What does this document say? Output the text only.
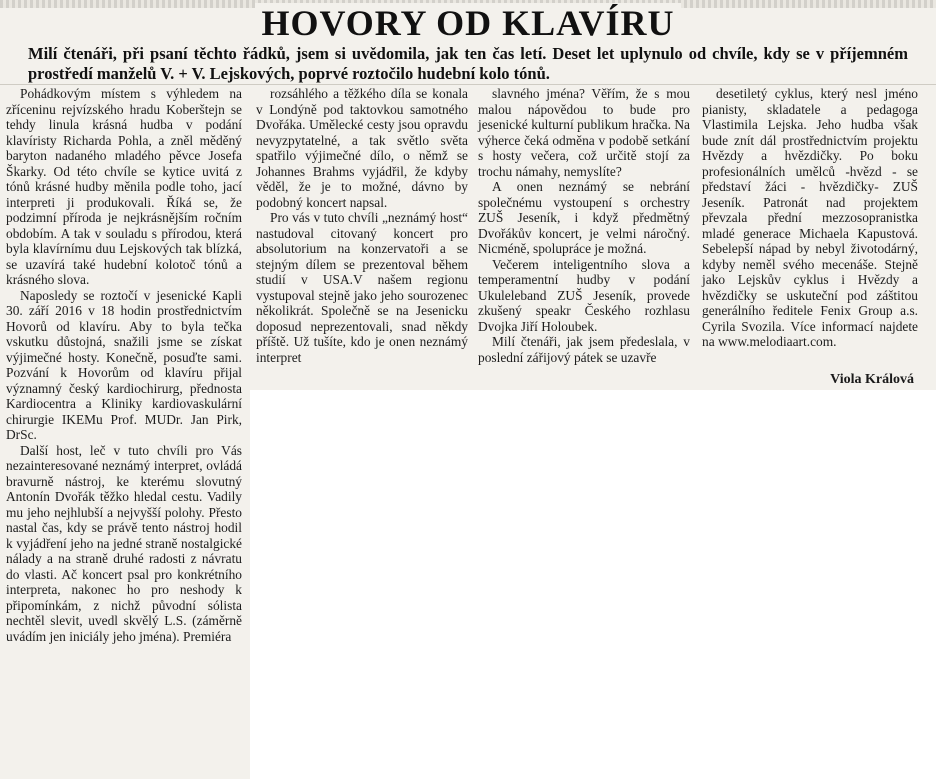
HOVORY OD KLAVÍRU
Milí čtenáři, při psaní těchto řádků, jsem si uvědomila, jak ten čas letí. Deset let uplynulo od chvíle, kdy se v příjemném prostředí manželů V. + V. Lejskových, poprvé roztočilo hudební kolo tónů.

Pohádkovým místem s výhledem na zříceninu rejvízského hradu Koberštejn se tehdy linula krásná hudba v podání klavíristy Richarda Pohla, a zněl měděný baryton nadaného mladého pěvce Josefa Škarky. Od této chvíle se kytice uvitá z tónů krásné hudby měnila podle toho, jací interpreti ji produkovali. Říká se, že podzimní příroda je nejkrásnějším ročním obdobím. A tak v souladu s přírodou, která byla klavírnímu duu Lejskových tak blízká, se uzavírá také hudební kolotoč tónů a krásného slova.

Naposledy se roztočí v jesenické Kapli 30. září 2016 v 18 hodin prostřednictvím Hovorů od klavíru. Aby to byla tečka vskutku důstojná, snažili jsme se získat výjimečné hosty. Konečně, posuďte sami. Pozvání k Hovorům od klavíru přijal významný český kardiochirurg, přednosta Kardiocentra a Kliniky kardiovaskulární chirurgie IKEMu Prof. MUDr. Jan Pirk, DrSc.

Další host, leč v tuto chvíli pro Vás nezainteresované neznámý interpret, ovládá bravurně nástroj, ke kterému slovutný Antonín Dvořák těžko hledal cestu. Vadily mu jeho nejhlubší a nejvyšší polohy. Přesto nastal čas, kdy se právě tento nástroj hodil k vyjádření jeho na jedné straně nostalgické nálady a na straně druhé radosti z návratu do vlasti. Ač koncert psal pro konkrétního interpreta, nakonec ho pro neshody k připomínkám, z nichž původní sólista nechtěl slevit, uvedl skvělý L.S. (záměrně uvádím jen iniciály jeho jména). Premiéra

rozsáhlého a těžkého díla se konala v Londýně pod taktovkou samotného Dvořáka. Umělecké cesty jsou opravdu nevyzpytatelné, a tak světlo světa spatřilo výjimečné dílo, o němž se Johannes Brahms vyjádřil, že kdyby věděl, že je to možné, dávno by podobný koncert napsal.

Pro vás v tuto chvíli „neznámý host“ nastudoval citovaný koncert pro absolutorium na konzervatoři a se stejným dílem se prezentoval během studií v USA.V našem regionu vystupoval stejně jako jeho sourozenec několikrát. Společně se na Jesenicku doposud neprezentovali, snad někdy příště. Už tušíte, kdo je onen neznámý interpret

slavného jména? Věřím, že s mou malou nápovědou to bude pro jesenické kulturní publikum hračka. Na výherce čeká odměna v podobě setkání s hosty večera, což určitě stojí za trochu námahy, nemyslíte?

A onen neznámý se nebrání společnému vystoupení s orchestry ZUŠ Jeseník, i když předmětný Dvořákův koncert, je velmi náročný. Nicméně, spolupráce je možná.

Večerem inteligentního slova a temperamentní hudby v podání Ukuleleband ZUŠ Jeseník, provede zkušený speakr Českého rozhlasu Dvojka Jiří Holoubek.

Milí čtenáři, jak jsem předeslala, v poslední zářijový pátek se uzavře

desetiletý cyklus, který nesl jméno pianisty, skladatele a pedagoga Vlastimila Lejska. Jeho hudba však bude znít dál prostřednictvím projektu Hvězdy a hvězdičky. Po boku profesionálních umělců -hvězd - se představí žáci - hvězdičky- ZUŠ Jeseník. Patronát nad projektem převzala přední mezzosopranistka mladé generace Michaela Kapustová. Sebelepší nápad by nebyl životodárný, kdyby neměl svého mecenáše. Stejně jako Lejskův cyklus i Hvězdy a hvězdičky se uskuteční pod záštitou generálního ředitele Fenix Group a.s. Cyrila Svozila. Více informací najdete na www.melodiaart.com.

Viola Králová
